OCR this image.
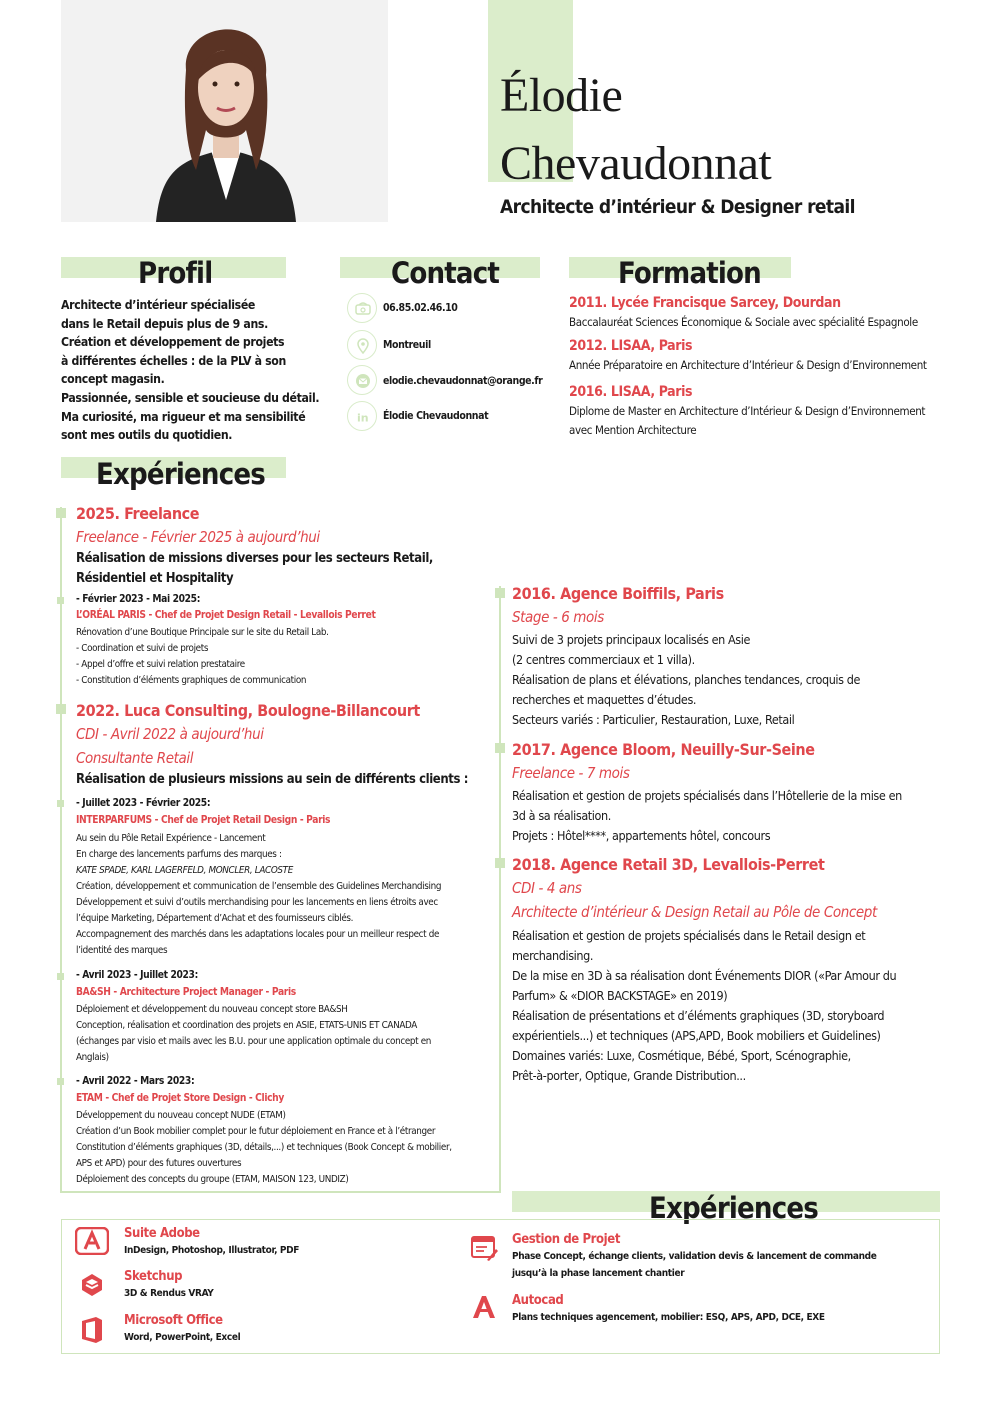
Élodie
Chevaudonnat
Architecte d’intérieur & Designer retail
Profil
Architecte d’intérieur spécialisée
dans le Retail depuis plus de 9 ans.
Création et développement de projets
à différentes échelles : de la PLV à son
concept magasin.
Passionnée, sensible et soucieuse du détail.
Ma curiosité, ma rigueur et ma sensibilité
sont mes outils du quotidien.
Contact
06.85.02.46.10
Montreuil
elodie.chevaudonnat@orange.fr
in Élodie Chevaudonnat
Formation
2011. Lycée Francisque Sarcey, Dourdan
Baccalauréat Sciences Économique & Sociale avec spécialité Espagnole
2012. LISAA, Paris
Année Préparatoire en Architecture d’Intérieur & Design d’Environnement
2016. LISAA, Paris
Diplome de Master en Architecture d’Intérieur & Design d’Environnement
avec Mention Architecture
Expériences
2025. Freelance
Freelance - Février 2025 à aujourd’hui
Réalisation de missions diverses pour les secteurs Retail,
Résidentiel et Hospitality
- Février 2023 - Mai 2025:
L’ORÉAL PARIS - Chef de Projet Design Retail - Levallois Perret
Rénovation d’une Boutique Principale sur le site du Retail Lab.
- Coordination et suivi de projets
- Appel d’offre et suivi relation prestataire
- Constitution d’éléments graphiques de communication
2022. Luca Consulting, Boulogne-Billancourt
CDI - Avril 2022 à aujourd’hui
Consultante Retail
Réalisation de plusieurs missions au sein de différents clients :
- Juillet 2023 - Février 2025:
INTERPARFUMS - Chef de Projet Retail Design - Paris
Au sein du Pôle Retail Expérience - Lancement
En charge des lancements parfums des marques :
KATE SPADE, KARL LAGERFELD, MONCLER, LACOSTE
Création, développement et communication de l’ensemble des Guidelines Merchandising
Développement et suivi d’outils merchandising pour les lancements en liens étroits avec
l’équipe Marketing, Département d’Achat et des fournisseurs ciblés.
Accompagnement des marchés dans les adaptations locales pour un meilleur respect de
l’identité des marques
- Avril 2023 - Juillet 2023:
BA&SH - Architecture Project Manager - Paris
Déploiement et développement du nouveau concept store BA&SH
Conception, réalisation et coordination des projets en ASIE, ETATS-UNIS ET CANADA
(échanges par visio et mails avec les B.U. pour une application optimale du concept en
Anglais)
- Avril 2022 - Mars 2023:
ETAM - Chef de Projet Store Design - Clichy
Développement du nouveau concept NUDE (ETAM)
Création d’un Book mobilier complet pour le futur déploiement en France et à l’étranger
Constitution d’éléments graphiques (3D, détails,...) et techniques (Book Concept & mobilier,
APS et APD) pour des futures ouvertures
Déploiement des concepts du groupe (ETAM, MAISON 123, UNDIZ)
2016. Agence Boiffils, Paris
Stage - 6 mois
Suivi de 3 projets principaux localisés en Asie
(2 centres commerciaux et 1 villa).
Réalisation de plans et élévations, planches tendances, croquis de
recherches et maquettes d’études.
Secteurs variés : Particulier, Restauration, Luxe, Retail
2017. Agence Bloom, Neuilly-Sur-Seine
Freelance - 7 mois
Réalisation et gestion de projets spécialisés dans l’Hôtellerie de la mise en
3d à sa réalisation.
Projets : Hôtel****, appartements hôtel, concours
2018. Agence Retail 3D, Levallois-Perret
CDI - 4 ans
Architecte d’intérieur & Design Retail au Pôle de Concept
Réalisation et gestion de projets spécialisés dans le Retail design et
merchandising.
De la mise en 3D à sa réalisation dont Événements DIOR («Par Amour du
Parfum» & «DIOR BACKSTAGE» en 2019)
Réalisation de présentations et d’éléments graphiques (3D, storyboard
expérientiels...) et techniques (APS,APD, Book mobiliers et Guidelines)
Domaines variés: Luxe, Cosmétique, Bébé, Sport, Scénographie,
Prêt-à-porter, Optique, Grande Distribution...
Expériences
Suite Adobe
InDesign, Photoshop, Illustrator, PDF
Sketchup
3D & Rendus VRAY
Microsoft Office
Word, PowerPoint, Excel
Gestion de Projet
Phase Concept, échange clients, validation devis & lancement de commande
jusqu’à la phase lancement chantier
Autocad
Plans techniques agencement, mobilier: ESQ, APS, APD, DCE, EXE
